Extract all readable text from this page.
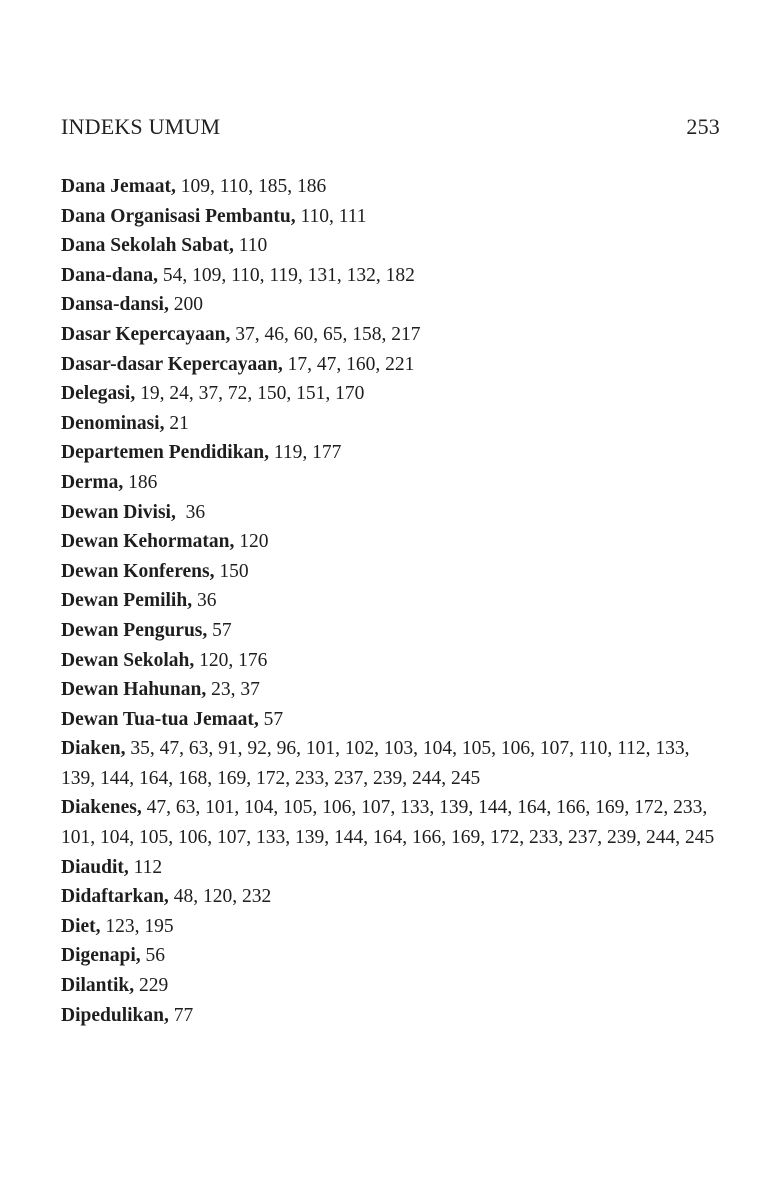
INDEKS UMUM	253
Dana Jemaat, 109, 110, 185, 186
Dana Organisasi Pembantu, 110, 111
Dana Sekolah Sabat, 110
Dana-dana, 54, 109, 110, 119, 131, 132, 182
Dansa-dansi, 200
Dasar Kepercayaan, 37, 46, 60, 65, 158, 217
Dasar-dasar Kepercayaan, 17, 47, 160, 221
Delegasi, 19, 24, 37, 72, 150, 151, 170
Denominasi, 21
Departemen Pendidikan, 119, 177
Derma, 186
Dewan Divisi,  36
Dewan Kehormatan, 120
Dewan Konferens, 150
Dewan Pemilih, 36
Dewan Pengurus, 57
Dewan Sekolah, 120, 176
Dewan Hahunan, 23, 37
Dewan Tua-tua Jemaat, 57
Diaken, 35, 47, 63, 91, 92, 96, 101, 102, 103, 104, 105, 106, 107, 110, 112, 133, 139, 144, 164, 168, 169, 172, 233, 237, 239, 244, 245
Diakenes, 47, 63, 101, 104, 105, 106, 107, 133, 139, 144, 164, 166, 169, 172, 233, 101, 104, 105, 106, 107, 133, 139, 144, 164, 166, 169, 172, 233, 237, 239, 244, 245
Diaudit, 112
Didaftarkan, 48, 120, 232
Diet, 123, 195
Digenapi, 56
Dilantik, 229
Dipedulikan, 77
